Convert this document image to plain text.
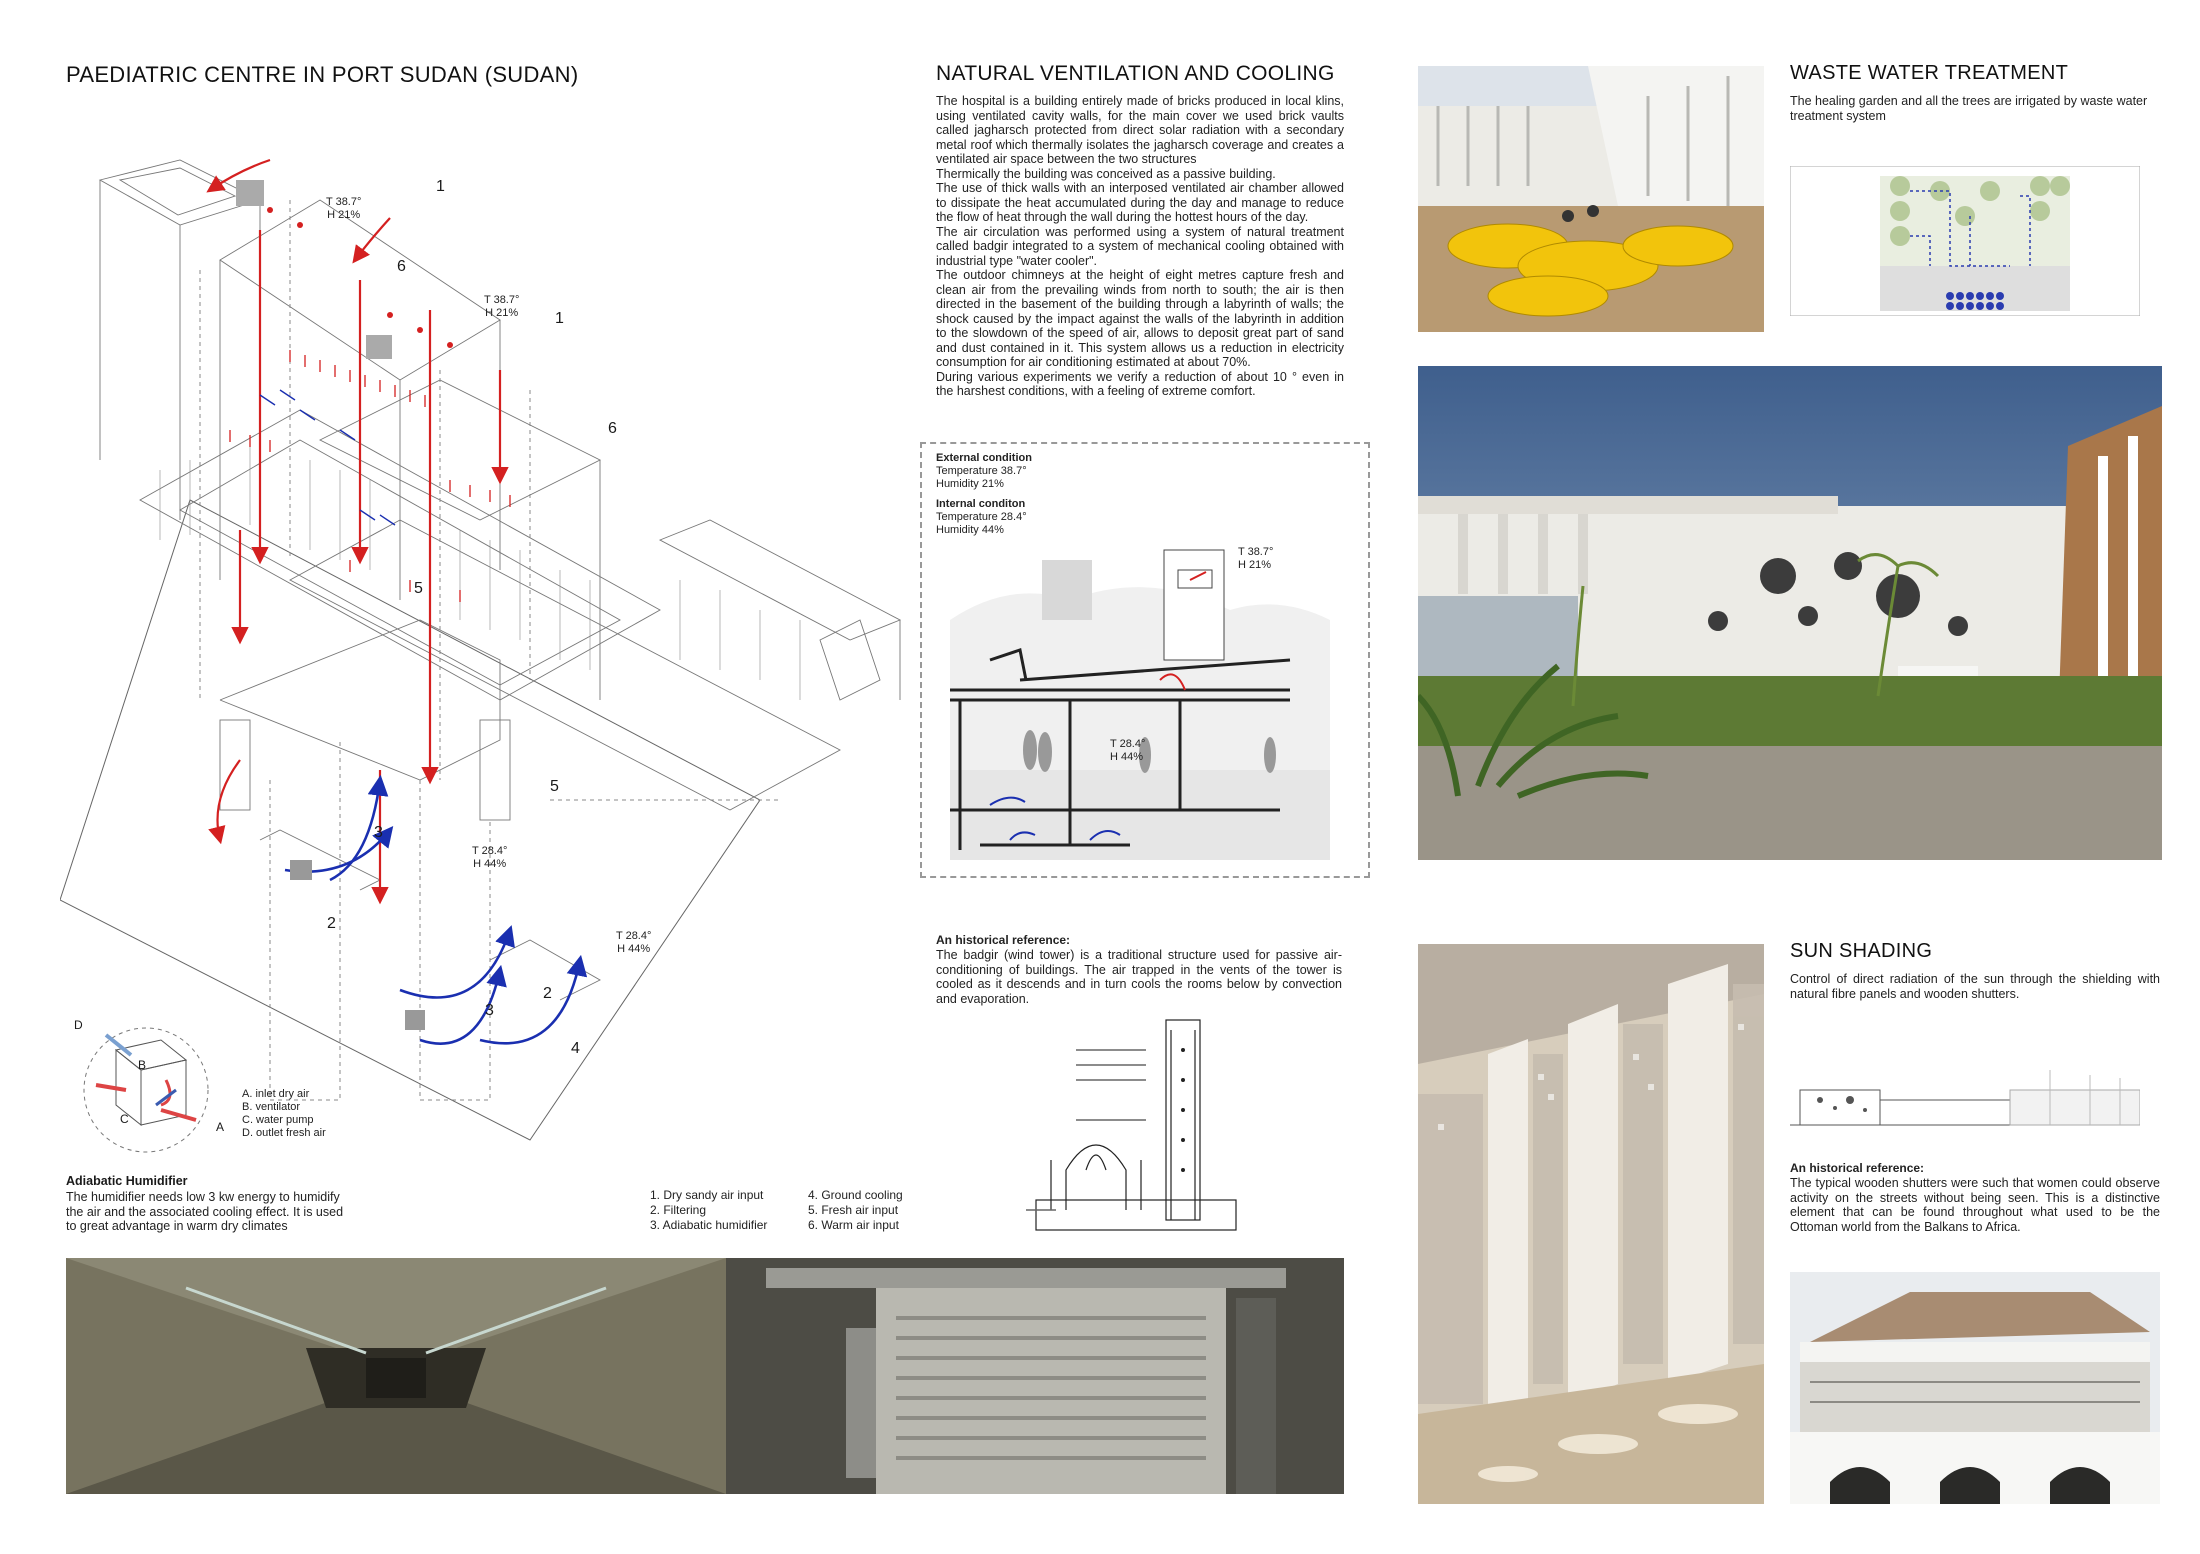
PAEDIATRIC CENTRE IN PORT SUDAN (SUDAN)
1
1
6
6
5
5
3
3
2
2
4
T 38.7°
H 21%
T 38.7°
H 21%
T 28.4°
H 44%
T 28.4°
H 44%
D
B
C
A
A. inlet dry air
B. ventilator
C. water pump
D. outlet fresh air
Adiabatic Humidifier
The humidifier needs low 3 kw energy to humidify the air and the associated cooling effect. It is used to great advantage in warm dry climates
1. Dry sandy air input
2. Filtering
3. Adiabatic humidifier
4. Ground cooling
5. Fresh air input
6. Warm air input
NATURAL VENTILATION AND COOLING
The hospital is a building entirely made of bricks produced in local klins, using ventilated cavity walls, for the main cover we used brick vaults called jagharsch protected from direct solar radiation with a secondary metal roof which thermally isolates the jagharsch coverage and creates a ventilated air space between the two structures
Thermically the building was conceived as a passive building.
The use of thick walls with an interposed ventilated air chamber allowed to dissipate the heat accumulated during the day and manage to reduce the flow of heat through the wall during the hottest hours of the day.
The air circulation was performed using a system of natural treatment called badgir integrated to a system of mechanical cooling obtained with industrial type "water cooler".
The outdoor chimneys at the height of eight metres capture fresh and clean air from the prevailing winds from north to south; the air is then directed in the basement of the building through a labyrinth of walls; the shock caused by the impact against the walls of the labyrinth in addition to the slowdown of the speed of air, allows to deposit great part of sand and dust contained in it. This system allows us a reduction in electricity consumption for air conditioning estimated at about 70%.
During various experiments we verify a reduction of about 10 ° even in the harshest conditions, with a feeling of extreme comfort.
External condition
Temperature 38.7°
Humidity 21%
Internal conditon
Temperature 28.4°
Humidity 44%
T 38.7°
H 21%
T 28.4°
H 44%
An historical reference:
The badgir (wind tower) is a traditional structure used for passive air-conditioning of buildings. The air trapped in the vents of the tower is cooled as it descends and in turn cools the rooms below by convection and evaporation.
WASTE WATER TREATMENT
The healing garden and all the trees are irrigated by waste water treatment system
SUN SHADING
Control of direct radiation of the sun through the shielding with natural fibre panels and wooden shutters.
An historical reference:
The typical wooden shutters were such that women could observe activity on the streets without being seen. This is a distinctive element that can be found throughout what used to be the Ottoman world from the Balkans to Africa.
